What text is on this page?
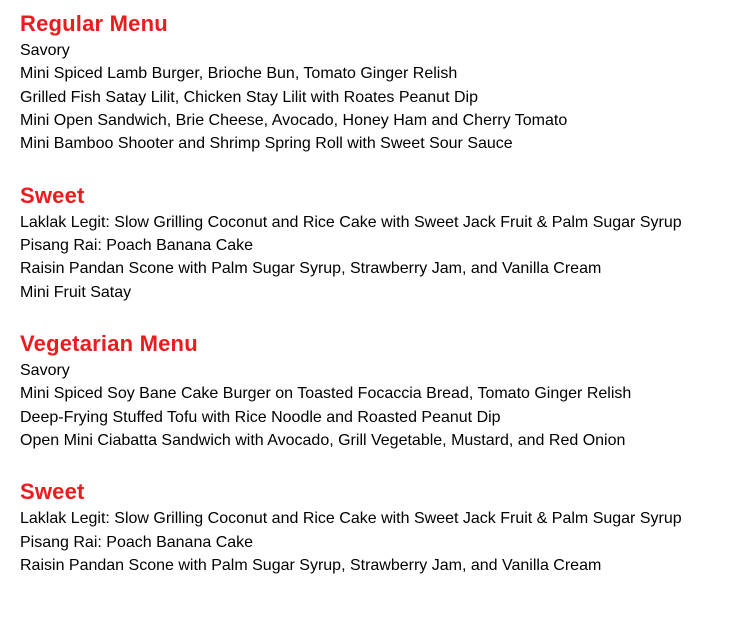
Regular Menu

Savory

Mini Spiced Lamb Burger, Brioche Bun, Tomato Ginger Relish

Grilled Fish Satay Lilit, Chicken Stay Lilit with Roates Peanut Dip

Mini Open Sandwich, Brie Cheese, Avocado, Honey Ham and Cherry Tomato

Mini Bamboo Shooter and Shrimp Spring Roll with Sweet Sour Sauce

Sweet

Laklak Legit: Slow Grilling Coconut and Rice Cake with Sweet Jack Fruit & Palm Sugar Syrup

Pisang Rai: Poach Banana Cake

Raisin Pandan Scone with Palm Sugar Syrup, Strawberry Jam, and Vanilla Cream

Mini Fruit Satay

Vegetarian Menu

Savory

Mini Spiced Soy Bane Cake Burger on Toasted Focaccia Bread, Tomato Ginger Relish

Deep-Frying Stuffed Tofu with Rice Noodle and Roasted Peanut Dip

Open Mini Ciabatta Sandwich with Avocado, Grill Vegetable, Mustard, and Red Onion

Sweet

Laklak Legit: Slow Grilling Coconut and Rice Cake with Sweet Jack Fruit & Palm Sugar Syrup

Pisang Rai: Poach Banana Cake

Raisin Pandan Scone with Palm Sugar Syrup, Strawberry Jam, and Vanilla Cream
